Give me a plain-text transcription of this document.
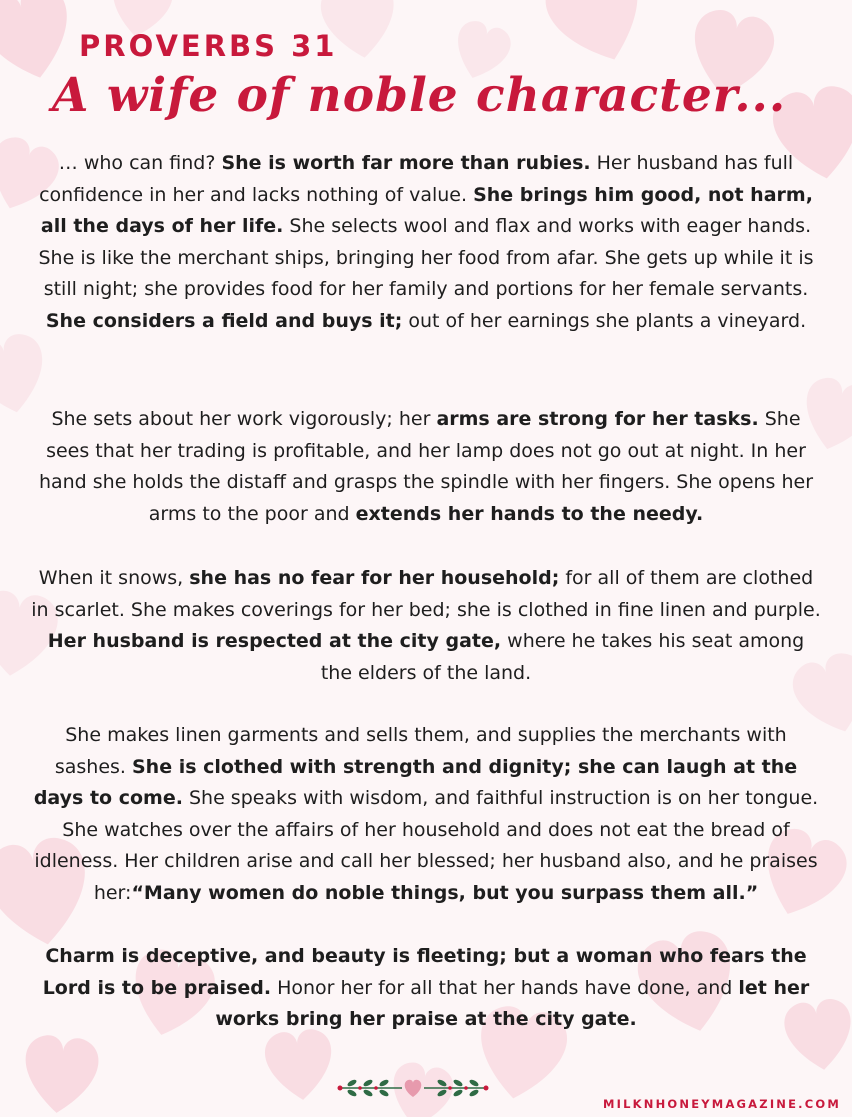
PROVERBS 31
A wife of noble character...

… who can find? She is worth far more than rubies. Her husband has full confidence in her and lacks nothing of value. She brings him good, not harm, all the days of her life. She selects wool and flax and works with eager hands. She is like the merchant ships, bringing her food from afar. She gets up while it is still night; she provides food for her family and portions for her female servants. She considers a field and buys it; out of her earnings she plants a vineyard.

She sets about her work vigorously; her arms are strong for her tasks. She sees that her trading is profitable, and her lamp does not go out at night. In her hand she holds the distaff and grasps the spindle with her fingers. She opens her arms to the poor and extends her hands to the needy.

When it snows, she has no fear for her household; for all of them are clothed in scarlet. She makes coverings for her bed; she is clothed in fine linen and purple. Her husband is respected at the city gate, where he takes his seat among the elders of the land.

She makes linen garments and sells them, and supplies the merchants with sashes. She is clothed with strength and dignity; she can laugh at the days to come. She speaks with wisdom, and faithful instruction is on her tongue. She watches over the affairs of her household and does not eat the bread of idleness. Her children arise and call her blessed; her husband also, and he praises her:“Many women do noble things, but you surpass them all.”

Charm is deceptive, and beauty is fleeting; but a woman who fears the Lord is to be praised. Honor her for all that her hands have done, and let her works bring her praise at the city gate.

MILKNHONEYMAGAZINE.COM
